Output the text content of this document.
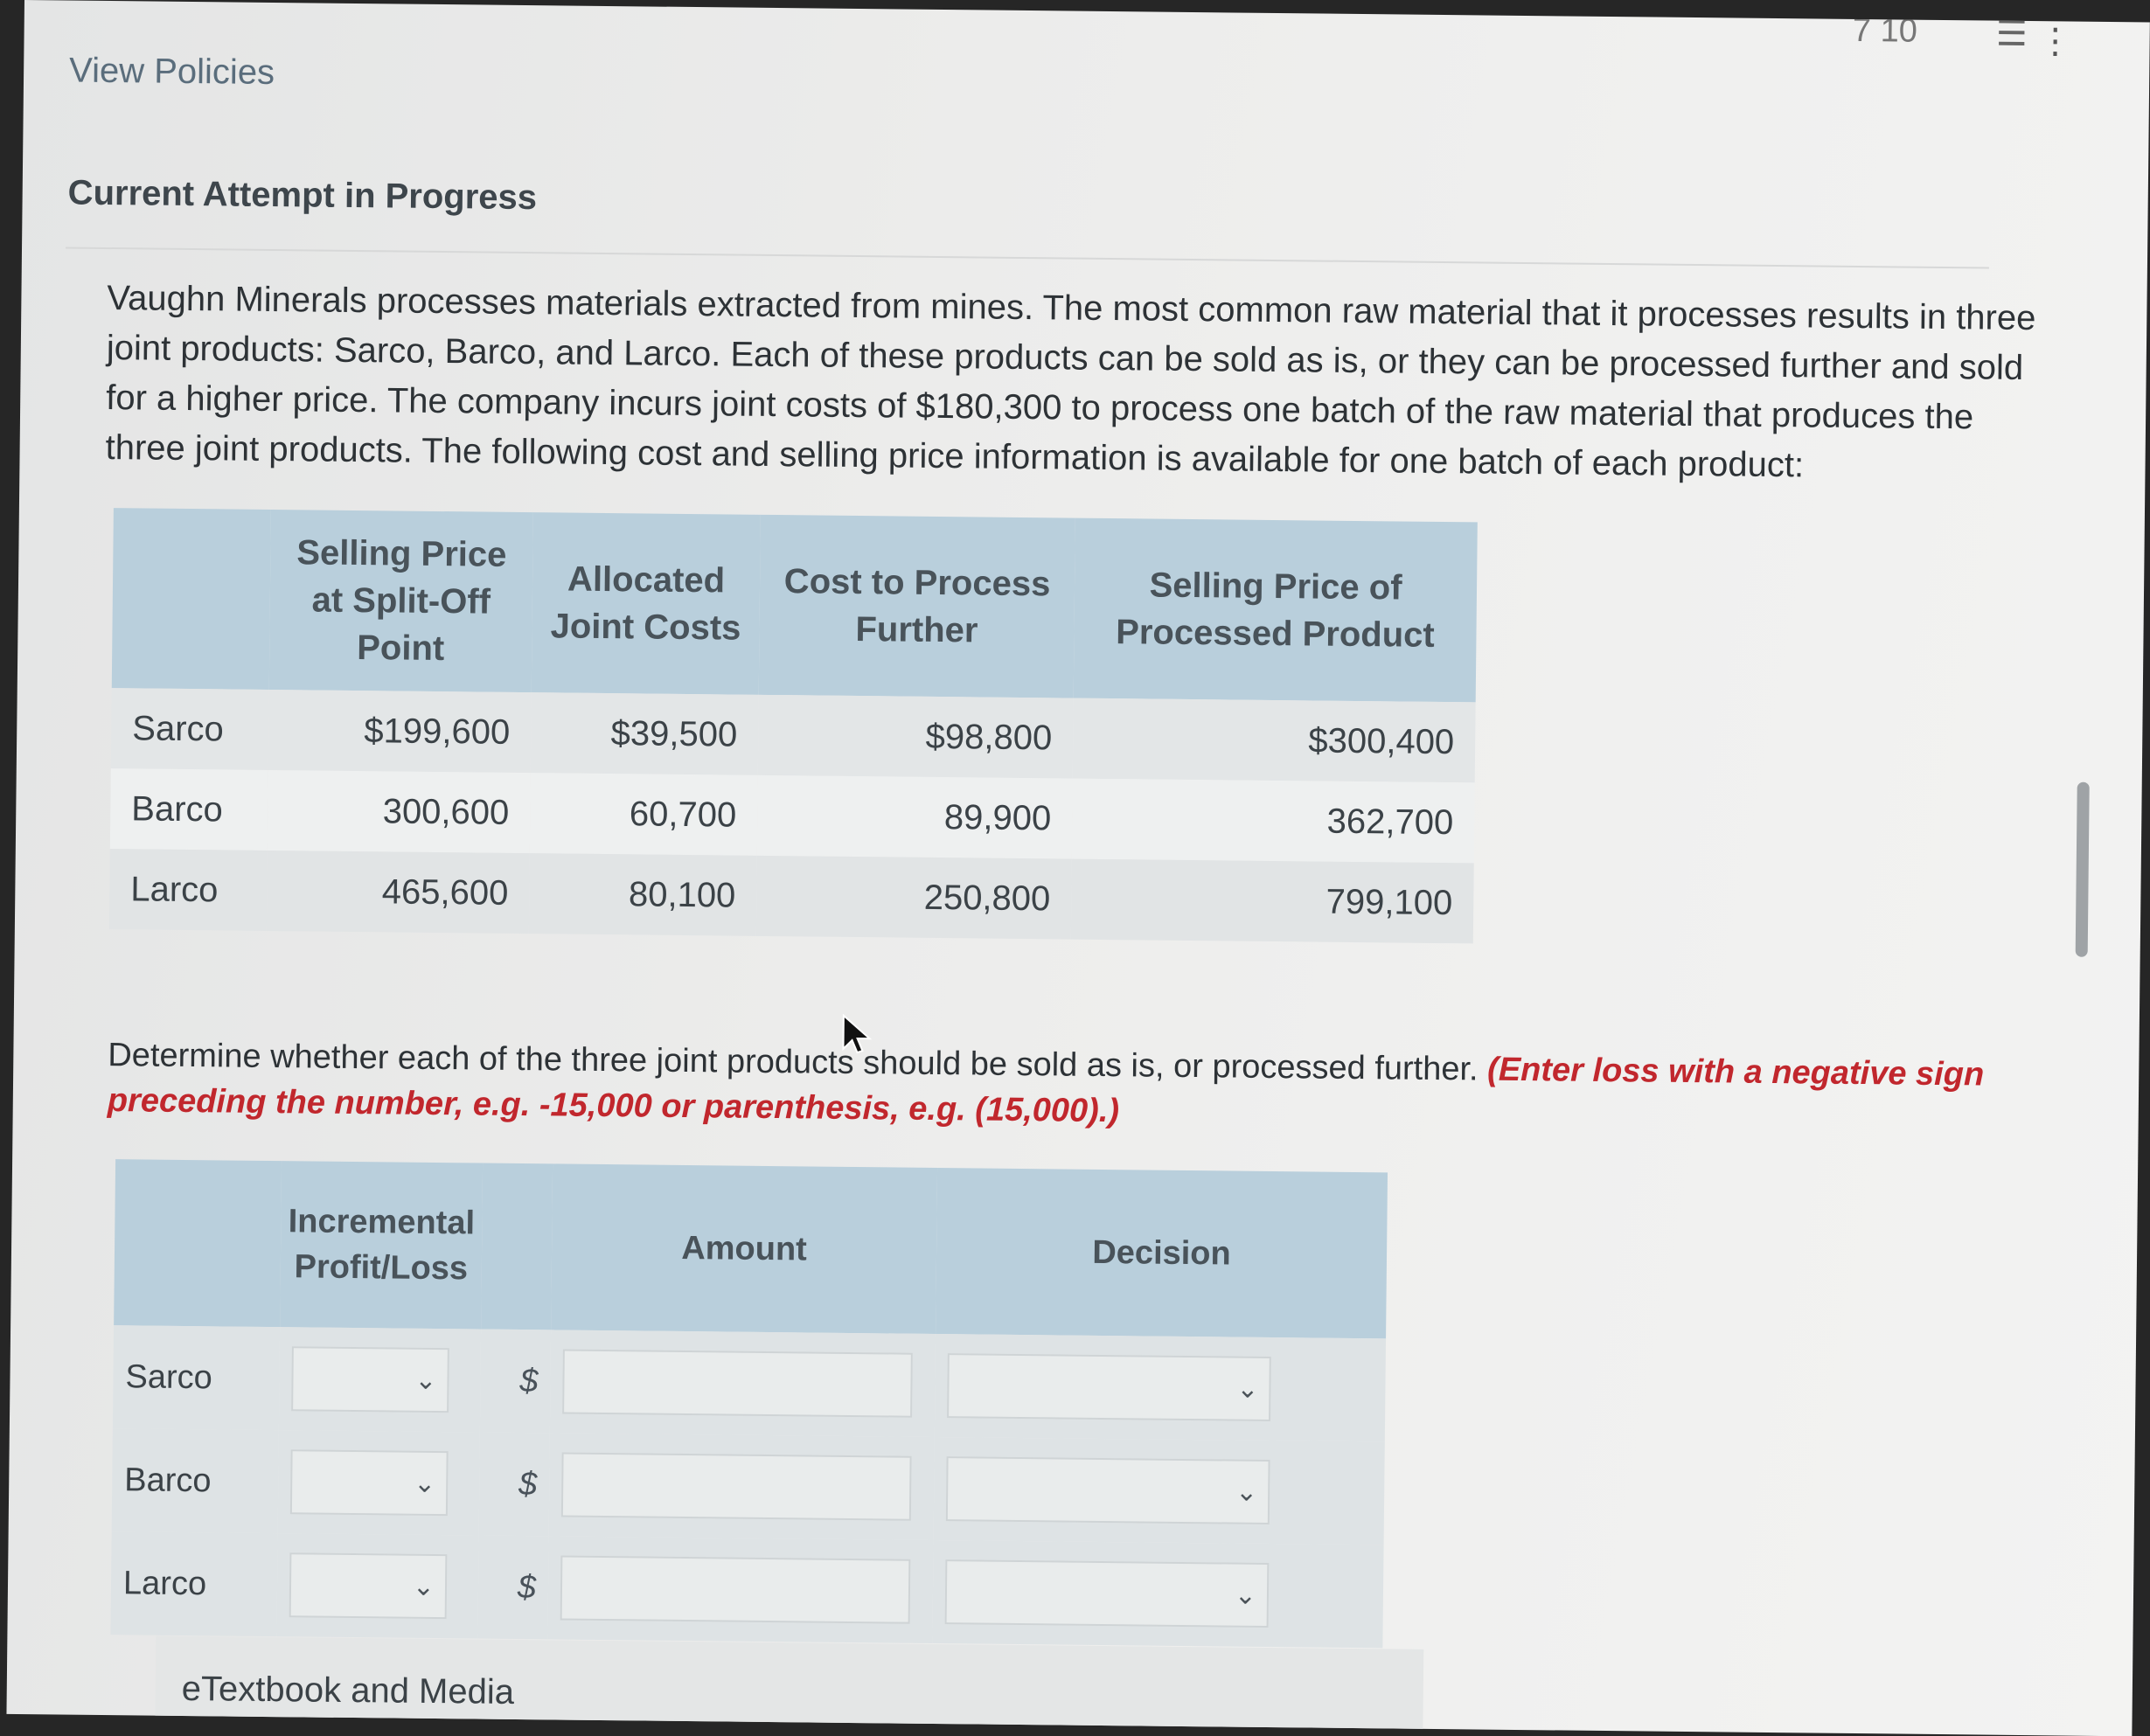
7 10 ☰ ⋮
View Policies
Current Attempt in Progress

Vaughn Minerals processes materials extracted from mines. The most common raw material that it processes results in three joint products: Sarco, Barco, and Larco. Each of these products can be sold as is, or they can be processed further and sold for a higher price. The company incurs joint costs of $180,300 to process one batch of the raw material that produces the three joint products. The following cost and selling price information is available for one batch of each product:

	Selling Price at Split-Off Point	Allocated Joint Costs	Cost to Process Further	Selling Price of Processed Product
Sarco	$199,600	$39,500	$98,800	$300,400
Barco	300,600	60,700	89,900	362,700
Larco	465,600	80,100	250,800	799,100

Determine whether each of the three joint products should be sold as is, or processed further. (Enter loss with a negative sign preceding the number, e.g. -15,000 or parenthesis, e.g. (15,000).)

	Incremental Profit/Loss		Amount	Decision
Sarco	⌄	$		⌄

Barco	⌄	$		⌄

Larco	⌄	$		⌄
eTextbook and Media
